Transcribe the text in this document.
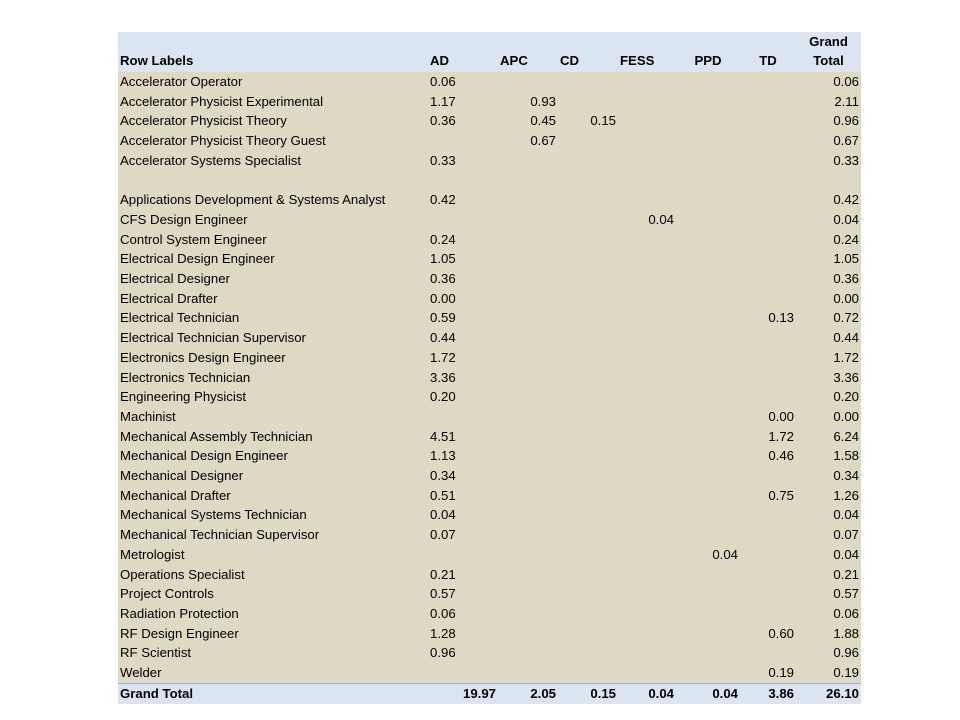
Row Labels	AD	APC	CD	FESS	PPD	TD	Grand
Total
Accelerator Operator	0.06						0.06
Accelerator Physicist Experimental	1.17	0.93					2.11
Accelerator Physicist Theory	0.36	0.45	0.15				0.96
Accelerator Physicist Theory Guest		0.67					0.67
Accelerator Systems Specialist	0.33						0.33
Applications Development & Systems Analyst	0.42						0.42
CFS Design Engineer				0.04			0.04
Control System Engineer	0.24						0.24
Electrical Design Engineer	1.05						1.05
Electrical Designer	0.36						0.36
Electrical Drafter	0.00						0.00
Electrical Technician	0.59					0.13	0.72
Electrical Technician Supervisor	0.44						0.44
Electronics Design Engineer	1.72						1.72
Electronics Technician	3.36						3.36
Engineering Physicist	0.20						0.20
Machinist						0.00	0.00
Mechanical Assembly Technician	4.51					1.72	6.24
Mechanical Design Engineer	1.13					0.46	1.58
Mechanical Designer	0.34						0.34
Mechanical Drafter	0.51					0.75	1.26
Mechanical Systems Technician	0.04						0.04
Mechanical Technician Supervisor	0.07						0.07
Metrologist					0.04		0.04
Operations Specialist	0.21						0.21
Project Controls	0.57						0.57
Radiation Protection	0.06						0.06
RF Design Engineer	1.28					0.60	1.88
RF Scientist	0.96						0.96
Welder						0.19	0.19
Grand Total	19.97	2.05	0.15	0.04	0.04	3.86	26.10
